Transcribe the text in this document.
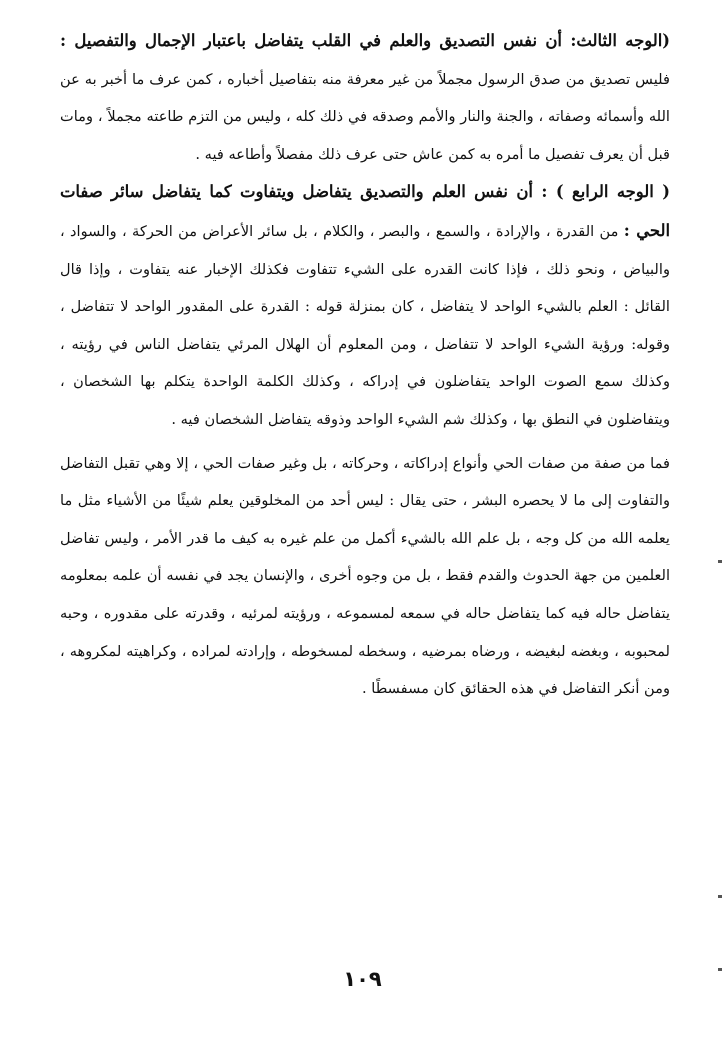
(الوجه الثالث: أن نفس التصديق والعلم في القلب يتفاضل باعتبار الإجمال والتفصيل : فليس تصديق من صدق الرسول مجملاً من غير معرفة منه بتفاصيل أخباره ، كمن عرف ما أخبر به عن الله وأسمائه وصفاته ، والجنة والنار والأمم وصدقه في ذلك كله ، وليس من التزم طاعته مجملاً ، ومات قبل أن يعرف تفصيل ما أمره به كمن عاش حتى عرف ذلك مفصلاً وأطاعه فيه .

( الوجه الرابع ) : أن نفس العلم والتصديق يتفاضل ويتفاوت كما يتفاضل سائر صفات الحي : من القدرة ، والإرادة ، والسمع ، والبصر ، والكلام ، بل سائر الأعراض من الحركة ، والسواد ، والبياض ، ونحو ذلك ، فإذا كانت القدره على الشيء تتفاوت فكذلك الإخبار عنه يتفاوت ، وإذا قال القائل : العلم بالشيء الواحد لا يتفاضل ، كان بمنزلة قوله : القدرة على المقدور الواحد لا تتفاضل ، وقوله: ورؤية الشيء الواحد لا تتفاضل ، ومن المعلوم أن الهلال المرئي يتفاضل الناس في رؤيته ، وكذلك سمع الصوت الواحد يتفاضلون في إدراكه ، وكذلك الكلمة الواحدة يتكلم بها الشخصان ، ويتفاضلون في النطق بها ، وكذلك شم الشيء الواحد وذوقه يتفاضل الشخصان فيه .

فما من صفة من صفات الحي وأنواع إدراكاته ، وحركاته ، بل وغير صفات الحي ، إلا وهي تقبل التفاضل والتفاوت إلى ما لا يحصره البشر ، حتى يقال : ليس أحد من المخلوقين يعلم شيئًا من الأشياء مثل ما يعلمه الله من كل وجه ، بل علم الله بالشيء أكمل من علم غيره به كيف ما قدر الأمر ، وليس تفاضل العلمين من جهة الحدوث والقدم فقط ، بل من وجوه أخرى ، والإنسان يجد في نفسه أن علمه بمعلومه يتفاضل حاله فيه كما يتفاضل حاله في سمعه لمسموعه ، ورؤيته لمرئيه ، وقدرته على مقدوره ، وحبه لمحبوبه ، وبغضه لبغيضه ، ورضاه بمرضيه ، وسخطه لمسخوطه ، وإرادته لمراده ، وكراهيته لمكروهه ، ومن أنكر التفاضل في هذه الحقائق كان مسفسطًا .

١٠٩
